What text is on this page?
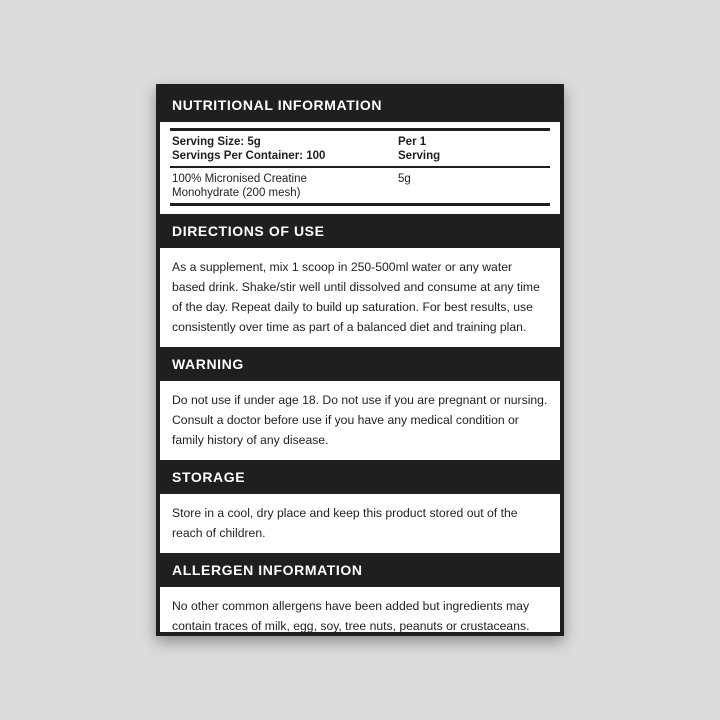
NUTRITIONAL INFORMATION
Serving Size: 5g
Servings Per Container: 100	Per 1
Serving

100% Micronised Creatine
Monohydrate (200 mesh)	5g
DIRECTIONS OF USE
As a supplement, mix 1 scoop in 250-500ml water or any water based drink. Shake/stir well until dissolved and consume at any time of the day. Repeat daily to build up saturation. For best results, use consistently over time as part of a balanced diet and training plan.
WARNING
Do not use if under age 18. Do not use if you are pregnant or nursing. Consult a doctor before use if you have any medical condition or family history of any disease.
STORAGE
Store in a cool, dry place and keep this product stored out of the reach of children.
ALLERGEN INFORMATION
No other common allergens have been added but ingredients may contain traces of milk, egg, soy, tree nuts, peanuts or crustaceans.
